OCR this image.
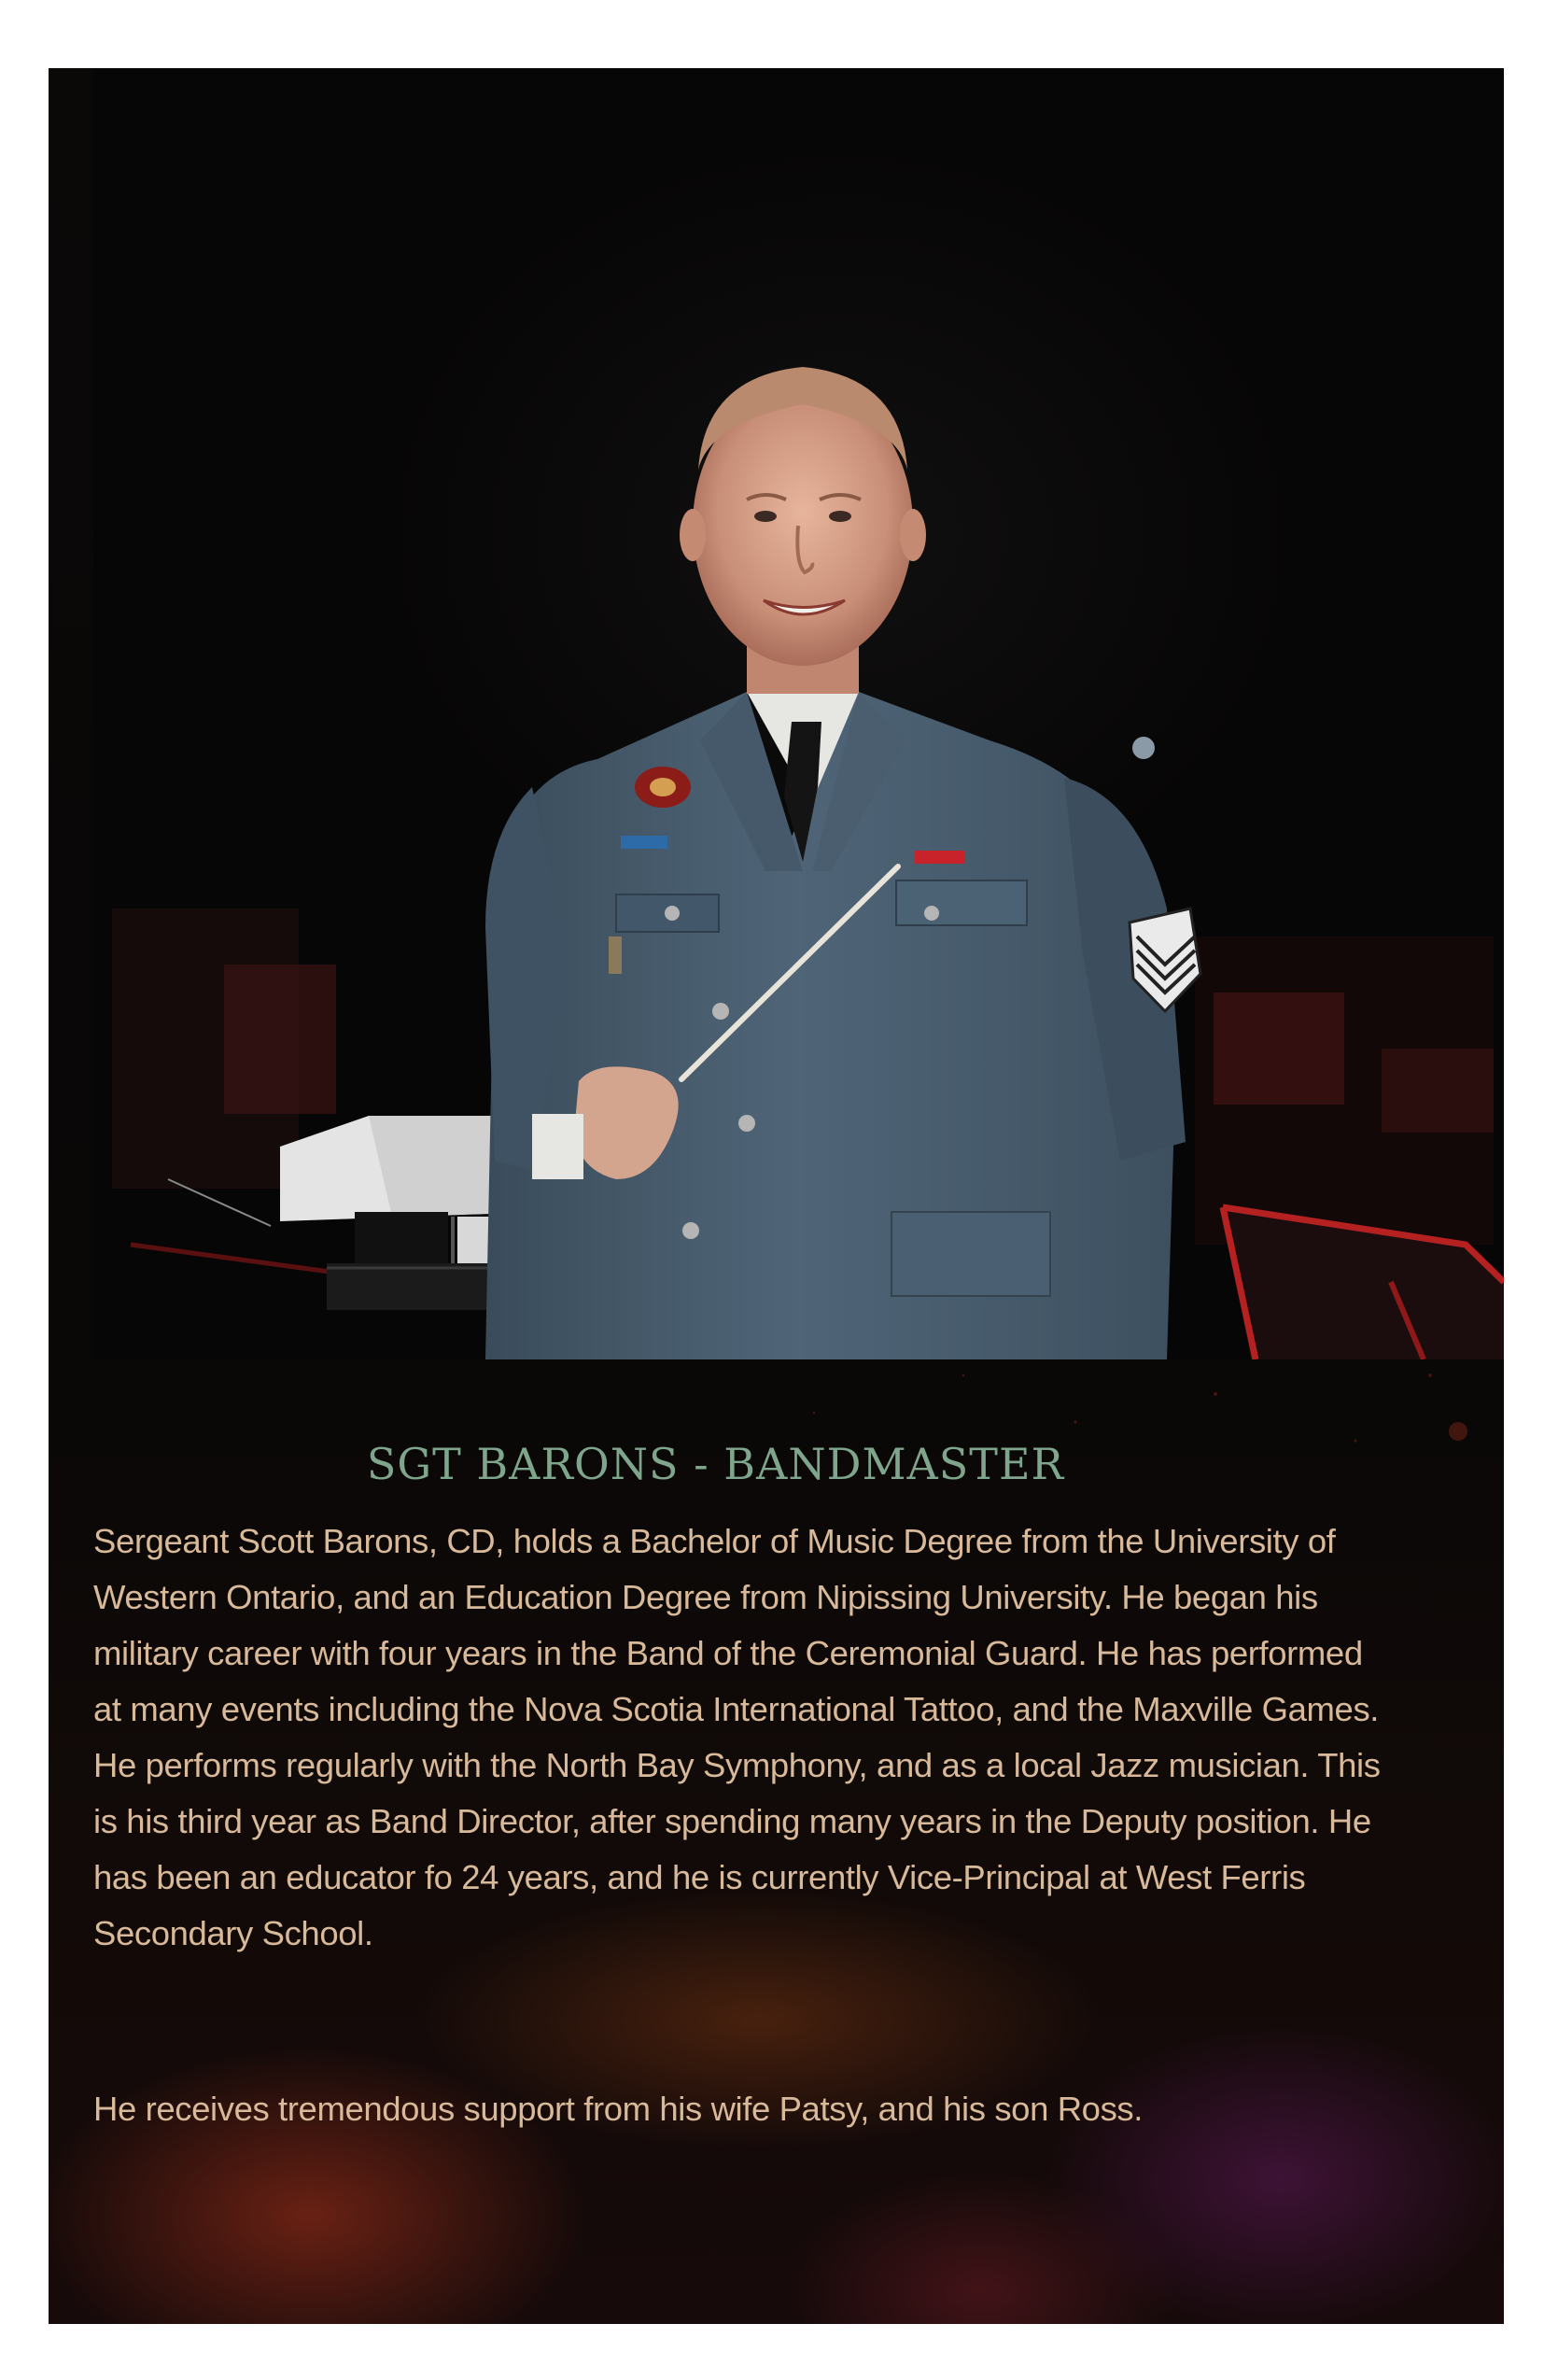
SGT BARONS - BANDMASTER

Sergeant Scott Barons, CD, holds a Bachelor of Music Degree from the University of
Western Ontario, and an Education Degree from Nipissing University. He began his
military career with four years in the Band of the Ceremonial Guard. He has performed
at many events including the Nova Scotia International Tattoo, and the Maxville Games.
He performs regularly with the North Bay Symphony, and as a local Jazz musician. This
is his third year as Band Director, after spending many years in the Deputy position. He
has been an educator fo 24 years, and he is currently Vice-Principal at West Ferris
Secondary School.

He receives tremendous support from his wife Patsy, and his son Ross.
